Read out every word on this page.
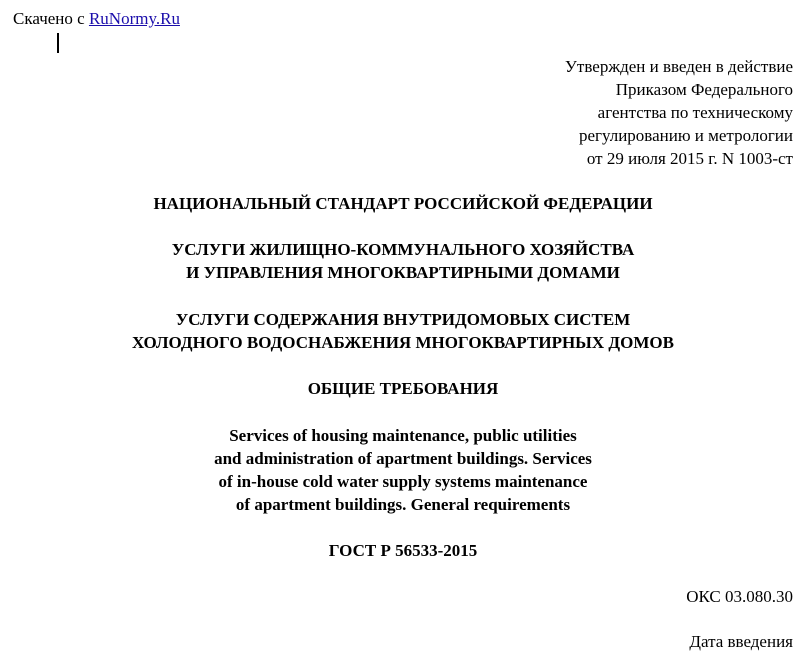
Скачено с RuNormy.Ru
Утвержден и введен в действие
Приказом Федерального
агентства по техническому
регулированию и метрологии
от 29 июля 2015 г. N 1003-ст
НАЦИОНАЛЬНЫЙ СТАНДАРТ РОССИЙСКОЙ ФЕДЕРАЦИИ
УСЛУГИ ЖИЛИЩНО-КОММУНАЛЬНОГО ХОЗЯЙСТВА
И УПРАВЛЕНИЯ МНОГОКВАРТИРНЫМИ ДОМАМИ
УСЛУГИ СОДЕРЖАНИЯ ВНУТРИДОМОВЫХ СИСТЕМ
ХОЛОДНОГО ВОДОСНАБЖЕНИЯ МНОГОКВАРТИРНЫХ ДОМОВ
ОБЩИЕ ТРЕБОВАНИЯ
Services of housing maintenance, public utilities
and administration of apartment buildings. Services
of in-house cold water supply systems maintenance
of apartment buildings. General requirements
ГОСТ Р 56533-2015
ОКС 03.080.30
Дата введения
